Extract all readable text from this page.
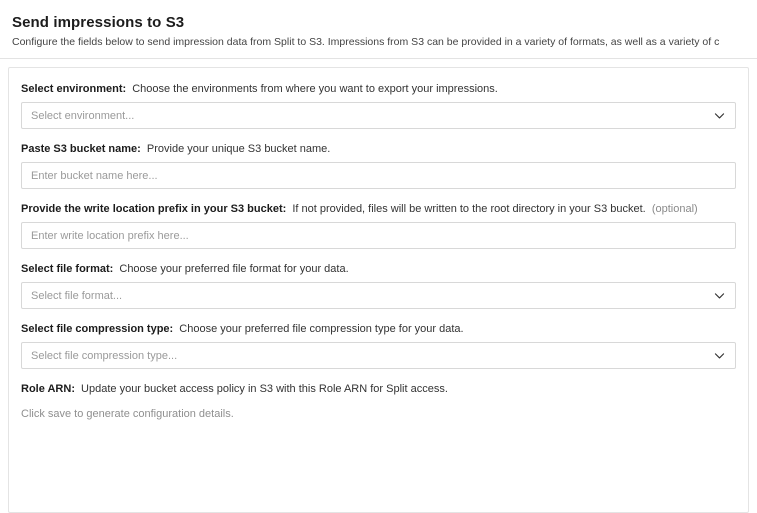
Send impressions to S3

Configure the fields below to send impression data from Split to S3. Impressions from S3 can be provided in a variety of formats, as well as a variety of c

Select environment: Choose the environments from where you want to export your impressions.
Select environment...
Paste S3 bucket name: Provide your unique S3 bucket name.
Enter bucket name here...
Provide the write location prefix in your S3 bucket: If not provided, files will be written to the root directory in your S3 bucket. (optional)
Enter write location prefix here...
Select file format: Choose your preferred file format for your data.
Select file format...
Select file compression type: Choose your preferred file compression type for your data.
Select file compression type...
Role ARN: Update your bucket access policy in S3 with this Role ARN for Split access.
Click save to generate configuration details.
